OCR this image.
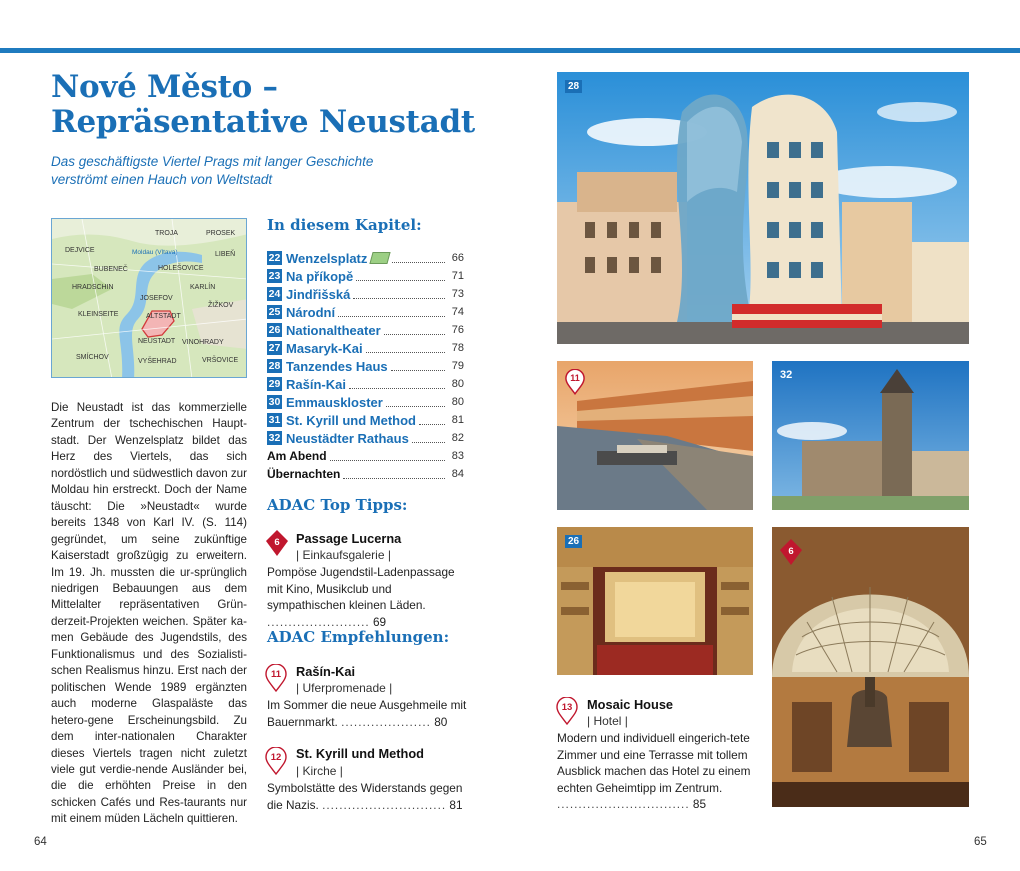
Nové Město –
Repräsentative Neustadt
Das geschäftigste Viertel Prags mit langer Geschichte verströmt einen Hauch von Weltstadt
TROJA	PROSEK
DEJVICE	Moldau (Vltava)	LIBEŇ
BUBENEČ	HOLEŠOVICE
HRADSCHIN	KARLÍN
JOSEFOV
ŽIŽKOV
KLEINSEITE	ALTSTADT
NEUSTADT VINOHRADY
SMÍCHOV
VYŠEHRAD	VRŠOVICE
Die Neustadt ist das kommerzielle Zentrum der tschechischen Haupt-stadt. Der Wenzelsplatz bildet das Herz des Viertels, das sich nordöstlich und südwestlich davon zur Moldau hin erstreckt. Doch der Name täuscht: Die »Neustadt« wurde bereits 1348 von Karl IV. (S. 114) gegründet, um seine zukünftige Kaiserstadt großzügig zu erweitern. Im 19. Jh. mussten die ur-sprünglich niedrigen Bebauungen aus dem Mittelalter repräsentativen Grün-derzeit-Projekten weichen. Später ka-men Gebäude des Jugendstils, des Funktionalismus und des Sozialisti-schen Realismus hinzu. Erst nach der politischen Wende 1989 ergänzten auch moderne Glaspaläste das hetero-gene Erscheinungsbild. Zu dem inter-nationalen Charakter dieses Viertels tragen nicht zuletzt viele gut verdie-nende Ausländer bei, die die erhöhten Preise in den schicken Cafés und Res-taurants nur mit einem müden Lächeln quittieren.
In diesem Kapitel:
22 Wenzelsplatz	66
23 Na příkopě	71
24 Jindřišská	73
25 Národní	74
26 Nationaltheater	76
27 Masaryk-Kai	78
28 Tanzendes Haus	79
29 Rašín-Kai	80
30 Emmauskloster	80
31 St. Kyrill und Method	81
32 Neustädter Rathaus	82
Am Abend	83
Übernachten	84
ADAC Top Tipps:
6	Passage Lucerna
| Einkaufsgalerie |
Pompöse Jugendstil-Ladenpassage mit Kino, Musikclub und sympathischen kleinen Läden. ........................ 69
ADAC Empfehlungen:
11	Rašín-Kai
| Uferpromenade |
Im Sommer die neue Ausgehmeile mit Bauernmarkt. ..................... 80
12	St. Kyrill und Method
| Kirche |
Symbolstätte des Widerstands gegen die Nazis. ............................. 81
28
11	32
26
6
13	Mosaic House
| Hotel |
Modern und individuell eingerich-tete Zimmer und eine Terrasse mit tollem Ausblick machen das Hotel zu einem echten Geheimtipp im Zentrum. ............................... 85
64	65
